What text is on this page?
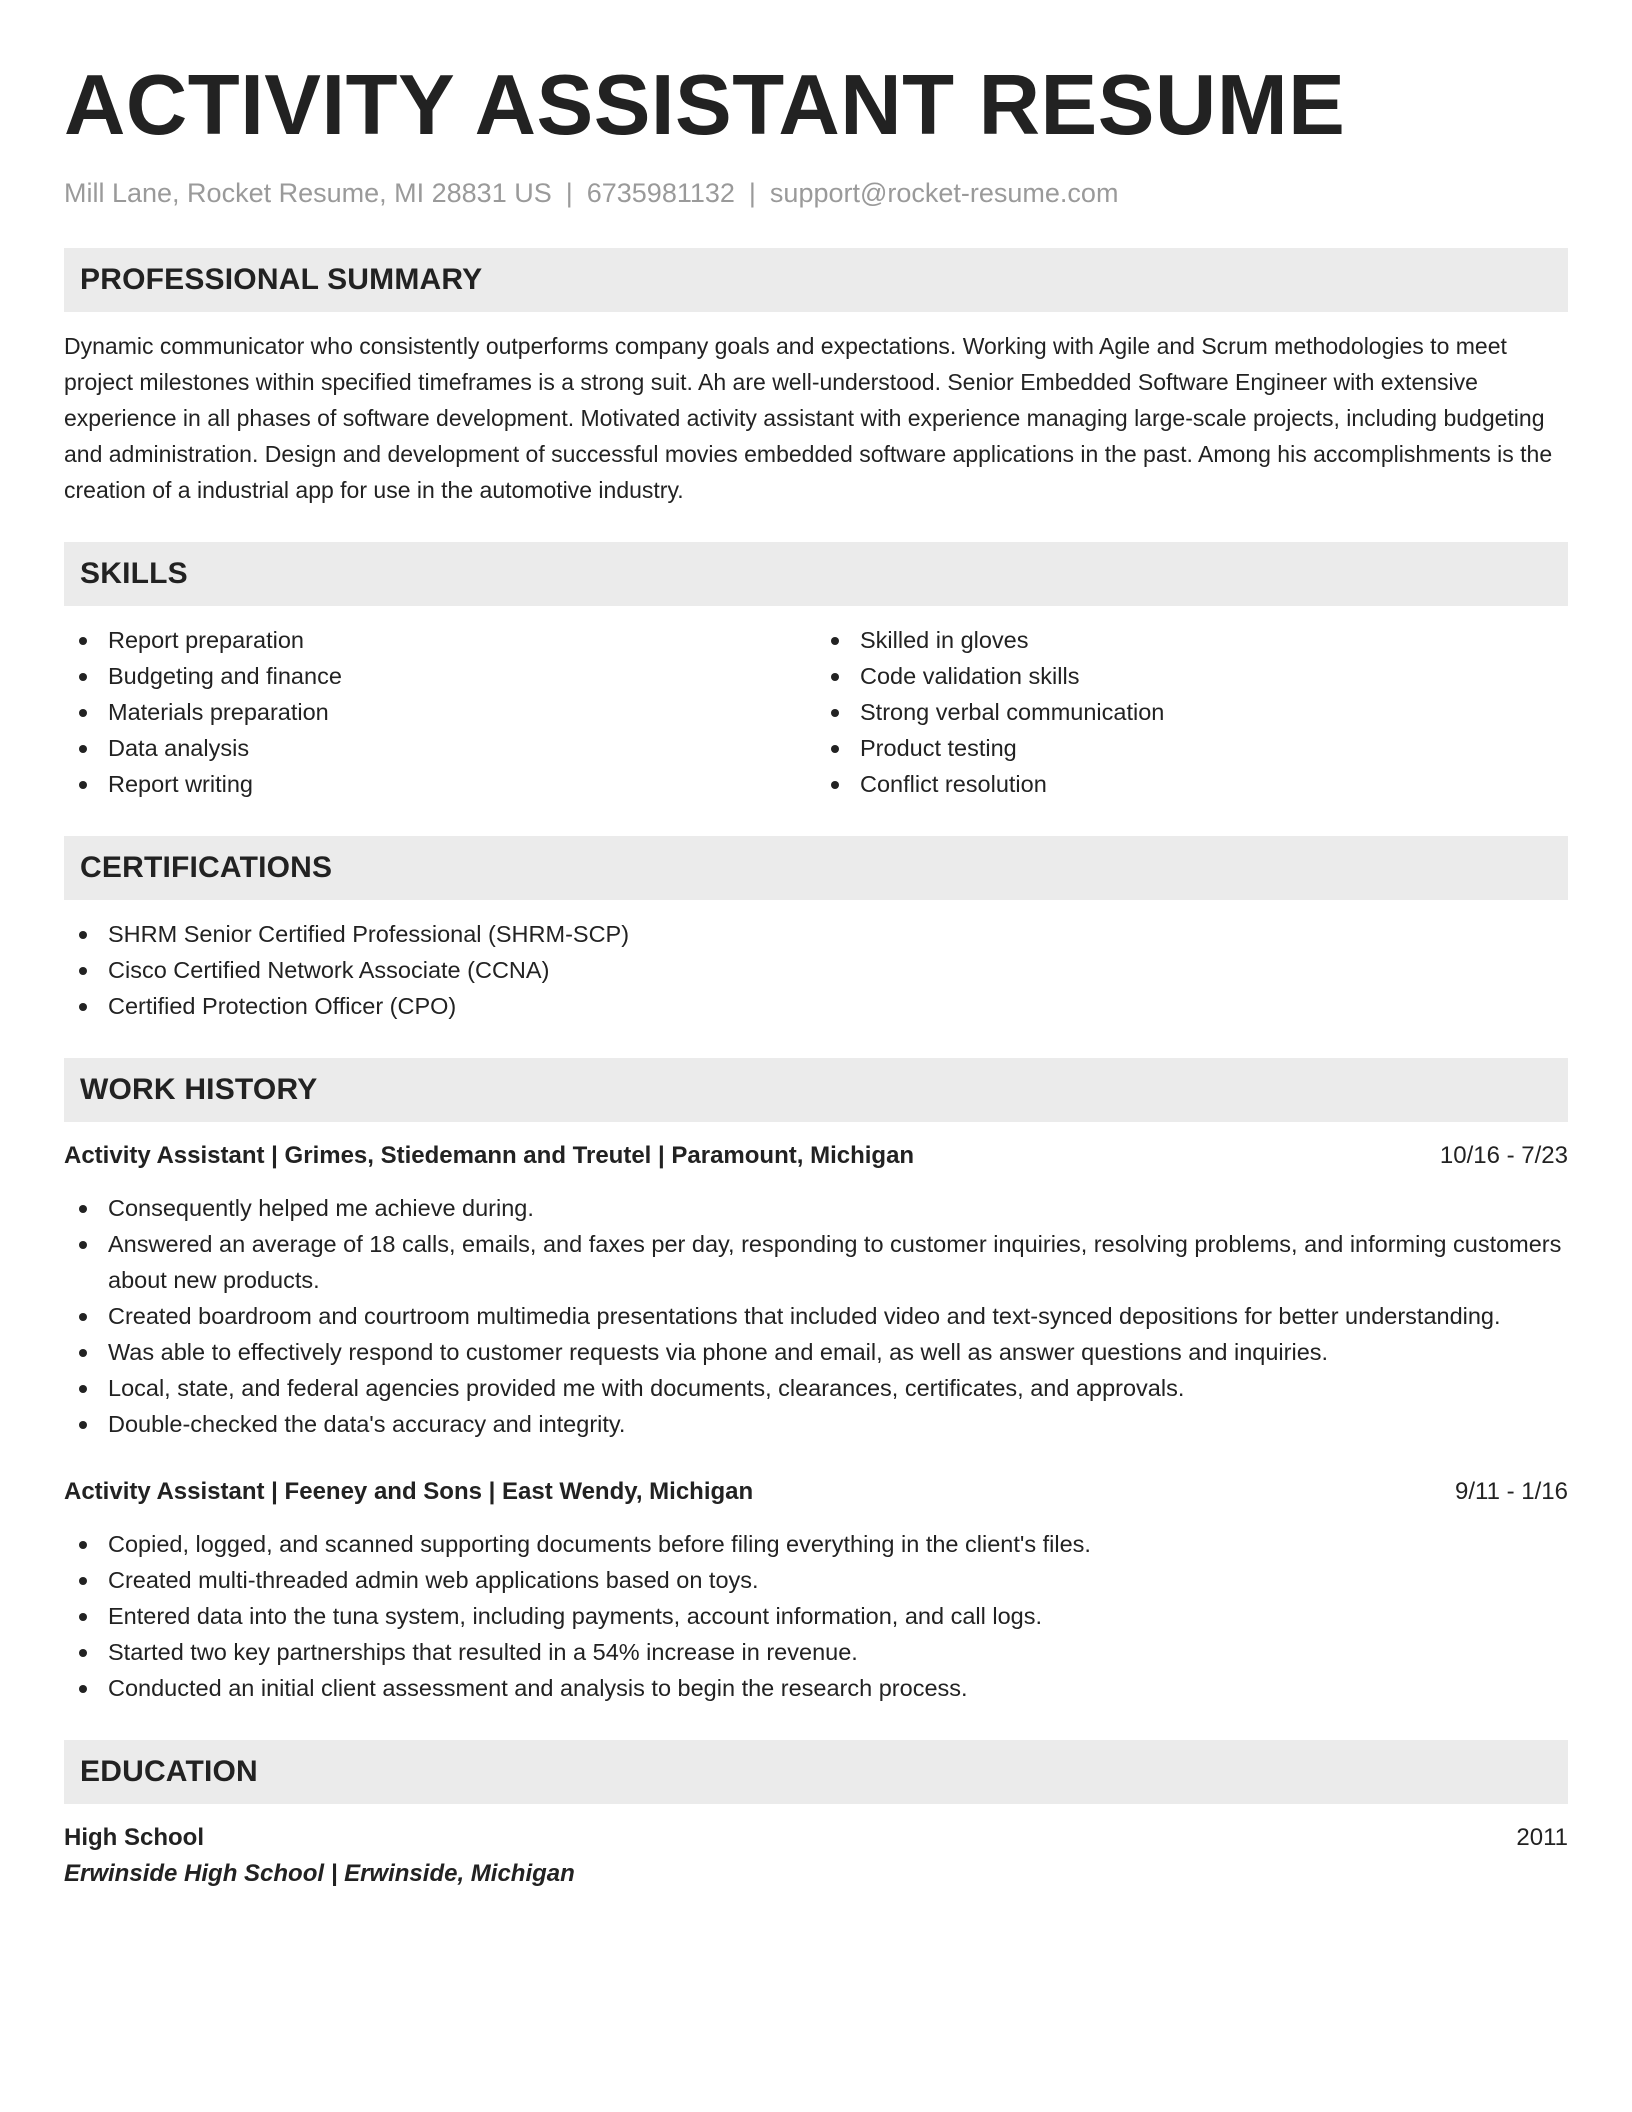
ACTIVITY ASSISTANT RESUME
Mill Lane, Rocket Resume, MI 28831 US | 6735981132 | support@rocket-resume.com
PROFESSIONAL SUMMARY
Dynamic communicator who consistently outperforms company goals and expectations. Working with Agile and Scrum methodologies to meet project milestones within specified timeframes is a strong suit. Ah are well-understood. Senior Embedded Software Engineer with extensive experience in all phases of software development. Motivated activity assistant with experience managing large-scale projects, including budgeting and administration. Design and development of successful movies embedded software applications in the past. Among his accomplishments is the creation of a industrial app for use in the automotive industry.
SKILLS
Report preparation
Budgeting and finance
Materials preparation
Data analysis
Report writing
Skilled in gloves
Code validation skills
Strong verbal communication
Product testing
Conflict resolution
CERTIFICATIONS
SHRM Senior Certified Professional (SHRM-SCP)
Cisco Certified Network Associate (CCNA)
Certified Protection Officer (CPO)
WORK HISTORY
Activity Assistant | Grimes, Stiedemann and Treutel | Paramount, Michigan	10/16 - 7/23
Consequently helped me achieve during.
Answered an average of 18 calls, emails, and faxes per day, responding to customer inquiries, resolving problems, and informing customers about new products.
Created boardroom and courtroom multimedia presentations that included video and text-synced depositions for better understanding.
Was able to effectively respond to customer requests via phone and email, as well as answer questions and inquiries.
Local, state, and federal agencies provided me with documents, clearances, certificates, and approvals.
Double-checked the data's accuracy and integrity.
Activity Assistant | Feeney and Sons | East Wendy, Michigan	9/11 - 1/16
Copied, logged, and scanned supporting documents before filing everything in the client's files.
Created multi-threaded admin web applications based on toys.
Entered data into the tuna system, including payments, account information, and call logs.
Started two key partnerships that resulted in a 54% increase in revenue.
Conducted an initial client assessment and analysis to begin the research process.
EDUCATION
High School	2011
Erwinside High School | Erwinside, Michigan
